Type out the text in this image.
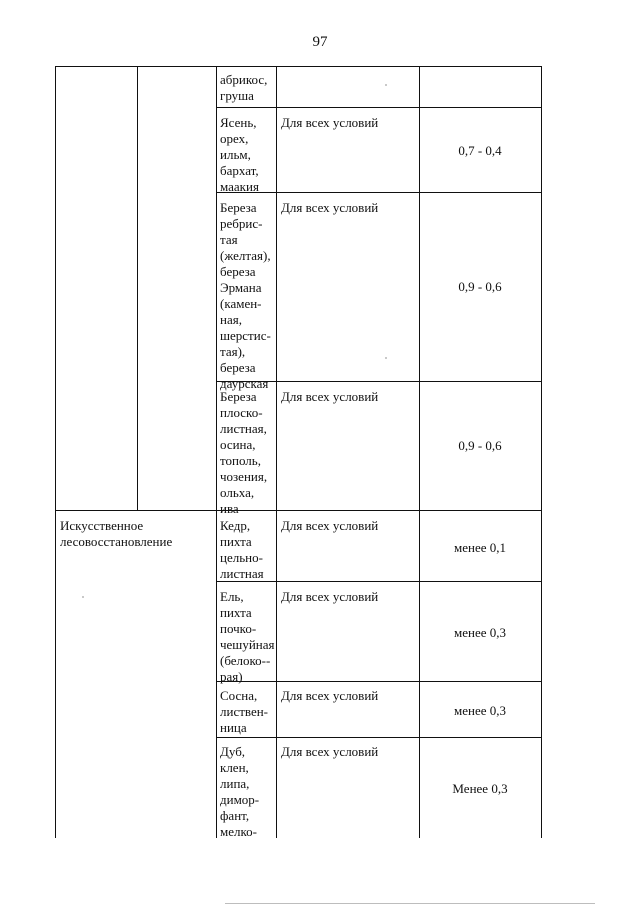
97
абрикос,
груша
Ясень,
орех,
ильм,
бархат,
маакия
Для всех условий
0,7 - 0,4
Береза
ребрис-
тая
(желтая),
береза
Эрмана
(камен-
ная,
шерстис-
тая),
береза
даурская
Для всех условий
0,9 - 0,6
Береза
плоско-
листная,
осина,
тополь,
чозения,
ольха,
ива
Для всех условий
0,9 - 0,6
Искусственное
лесовосстановление
Кедр,
пихта
цельно-
листная
Для всех условий
менее 0,1
Ель,
пихта
почко-
чешуйная
(белоко--
рая)
Для всех условий
менее 0,3
Сосна,
листвен-
ница
Для всех условий
менее 0,3
Дуб,
клен,
липа,
димор-
фант,
мелко-
Для всех условий
Менее 0,3
